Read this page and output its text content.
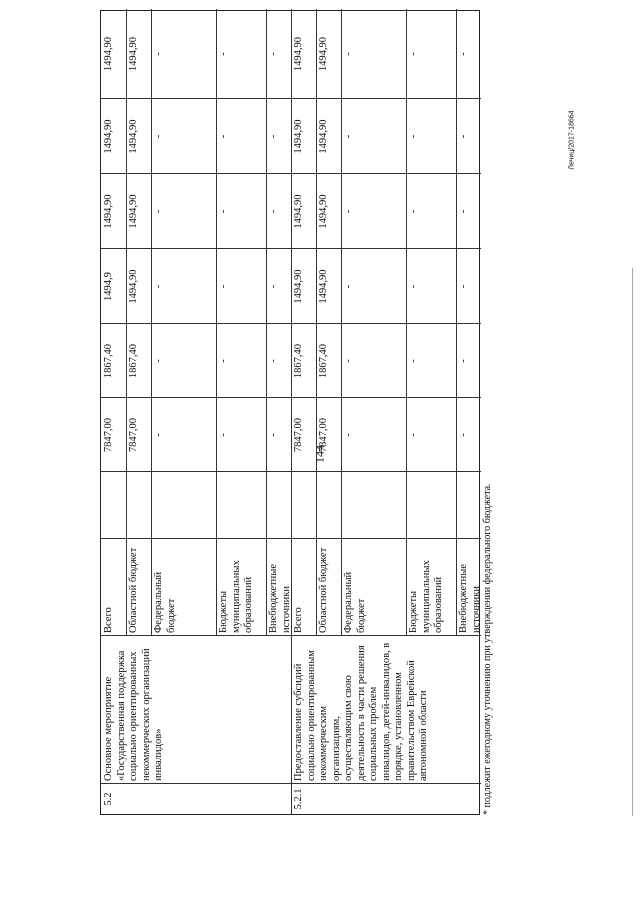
144
5.2
Основное мероприятие «Государственная поддержка социально ориентированных некоммерческих организаций инвалидов»
Всего
7847,00
1867,40
1494,9
1494,90
1494,90
1494,90
Областной бюджет
7847,00
1867,40
1494,90
1494,90
1494,90
1494,90
Федеральный бюджет
-
-
-
-
-
-
Бюджеты муниципальных образований
-
-
-
-
-
-
Внебюджетные источники
-
-
-
-
-
-
5.2.1
Предоставление субсидий социально ориентированным некоммерческим организациям, осуществляющим свою деятельность в части решения социальных проблем инвалидов, детей-инвалидов, в порядке, установленном правительством Еврейской автономной области
Всего
7847,00
1867,40
1494,90
1494,90
1494,90
1494,90
Областной бюджет
7847,00
1867,40
1494,90
1494,90
1494,90
1494,90
Федеральный бюджет
-
-
-
-
-
-
Бюджеты муниципальных образований
-
-
-
-
-
-
Внебюджетные источники
-
-
-
-
-
-
* подлежит ежегодному уточнению при утверждении федерального бюджета.
Лечиц/2017-18664
